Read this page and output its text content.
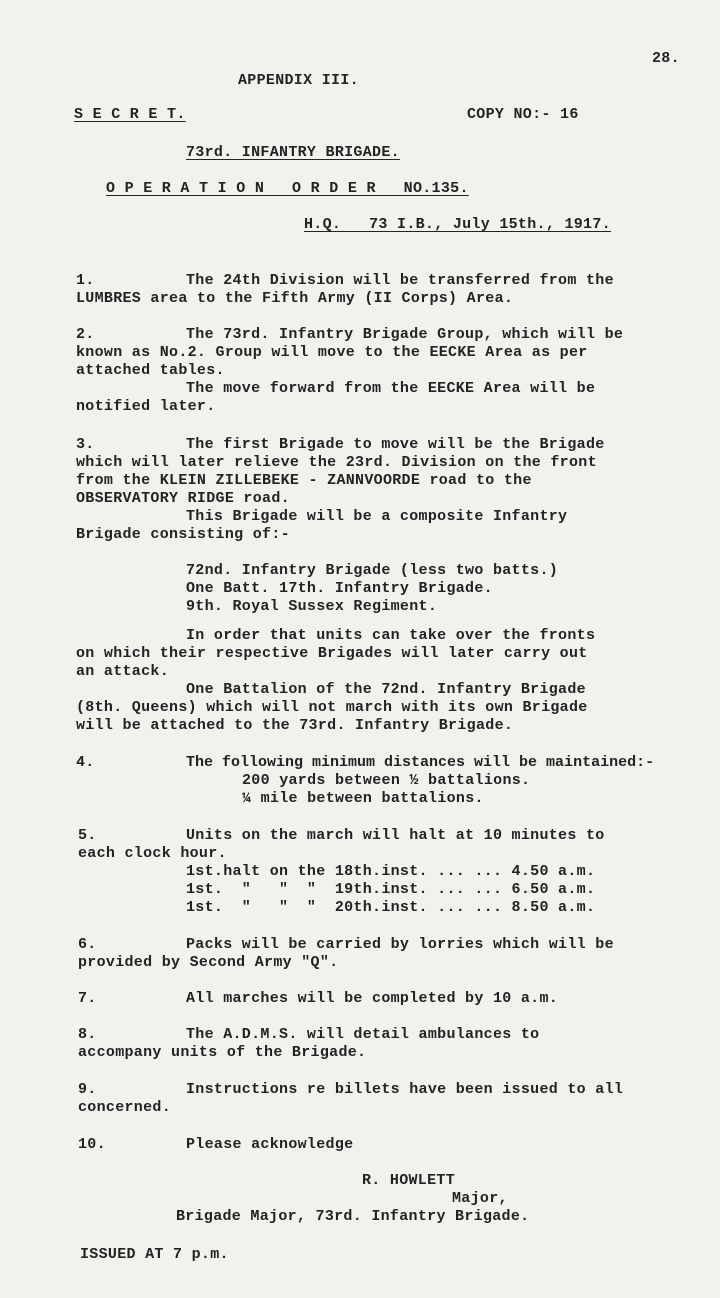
28.
APPENDIX III.
S E C R E T.	COPY NO:- 16
73rd. INFANTRY BRIGADE.
O P E R A T I O N   O R D E R   NO.135.
H.Q.   73 I.B., July 15th., 1917.
1.	The 24th Division will be transferred from the
LUMBRES area to the Fifth Army (II Corps) Area.
2.	The 73rd. Infantry Brigade Group, which will be
known as No.2. Group will move to the EECKE Area as per
attached tables.
The move forward from the EECKE Area will be
notified later.
3.	The first Brigade to move will be the Brigade
which will later relieve the 23rd. Division on the front
from the KLEIN ZILLEBEKE - ZANNVOORDE road to the
OBSERVATORY RIDGE road.
This Brigade will be a composite Infantry
Brigade consisting of:-
72nd. Infantry Brigade (less two batts.)
One Batt. 17th. Infantry Brigade.
9th. Royal Sussex Regiment.
In order that units can take over the fronts
on which their respective Brigades will later carry out
an attack.
One Battalion of the 72nd. Infantry Brigade
(8th. Queens) which will not march with its own Brigade
will be attached to the 73rd. Infantry Brigade.
4.	The following minimum distances will be maintained:-
200 yards between ½ battalions.
¼ mile between battalions.
5.	Units on the march will halt at 10 minutes to
each clock hour.
1st.halt on the 18th.inst. ... ... 4.50 a.m.
1st.  "   "  "  19th.inst. ... ... 6.50 a.m.
1st.  "   "  "  20th.inst. ... ... 8.50 a.m.
6.	Packs will be carried by lorries which will be
provided by Second Army "Q".
7.	All marches will be completed by 10 a.m.
8.	The A.D.M.S. will detail ambulances to
accompany units of the Brigade.
9.	Instructions re billets have been issued to all
concerned.
10.	Please acknowledge
R. HOWLETT
Major,
Brigade Major, 73rd. Infantry Brigade.
ISSUED AT 7 p.m.
